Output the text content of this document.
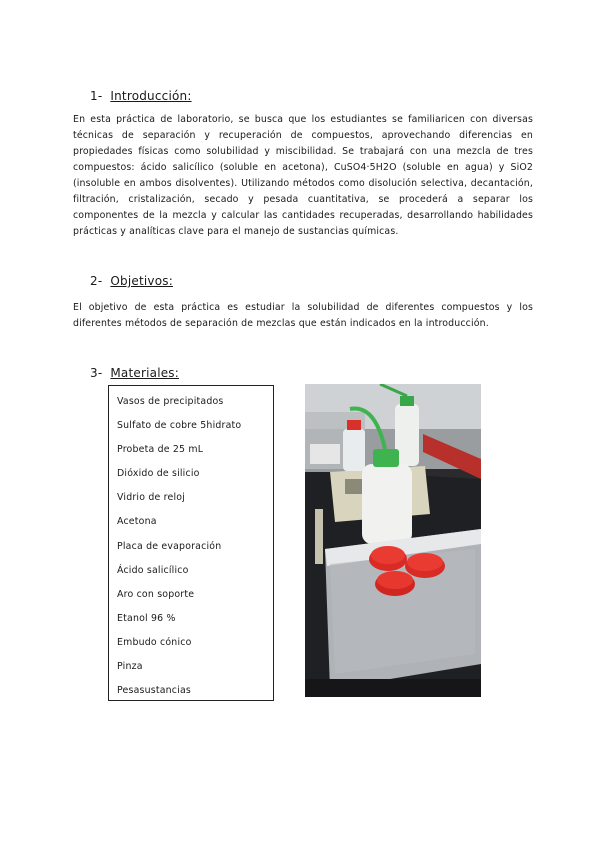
1- Introducción:

En esta práctica de laboratorio, se busca que los estudiantes se familiaricen con diversas técnicas de separación y recuperación de compuestos, aprovechando diferencias en propiedades físicas como solubilidad y miscibilidad. Se trabajará con una mezcla de tres compuestos: ácido salicílico (soluble en acetona), CuSO4·5H2O (soluble en agua) y SiO2 (insoluble en ambos disolventes). Utilizando métodos como disolución selectiva, decantación, filtración, cristalización, secado y pesada cuantitativa, se procederá a separar los componentes de la mezcla y calcular las cantidades recuperadas, desarrollando habilidades prácticas y analíticas clave para el manejo de sustancias químicas.

2- Objetivos:

El objetivo de esta práctica es estudiar la solubilidad de diferentes compuestos y los diferentes métodos de separación de mezclas que están indicados en la introducción.

3- Materiales:
Vasos de precipitados
Sulfato de cobre 5hidrato
Probeta de 25 mL
Dióxido de silicio
Vidrio de reloj
Acetona
Placa de evaporación
Ácido salicílico
Aro con soporte
Etanol 96 %
Embudo cónico
Pinza
Pesasustancias
